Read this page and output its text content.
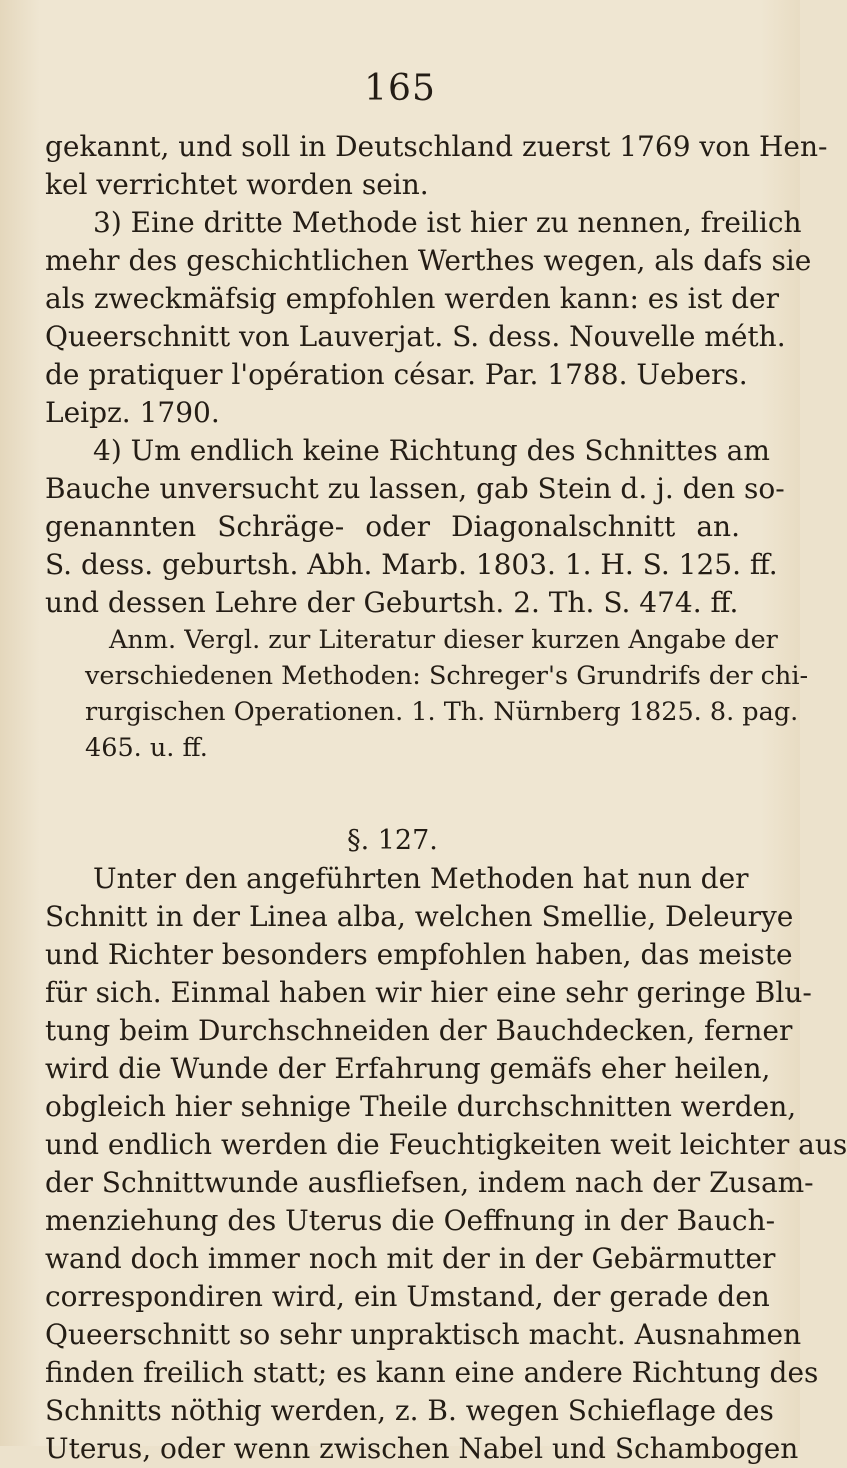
165
gekannt, und soll in Deutschland zuerst 1769 von Hen-
kel verrichtet worden sein.
3) Eine dritte Methode ist hier zu nennen, freilich
mehr des geschichtlichen Werthes wegen, als dafs sie
als zweckmäfsig empfohlen werden kann: es ist der
Queerschnitt von Lauverjat. S. dess. Nouvelle méth.
de pratiquer l'opération césar. Par. 1788. Uebers.
Leipz. 1790.
4) Um endlich keine Richtung des Schnittes am
Bauche unversucht zu lassen, gab Stein d. j. den so-
genannten Schräge- oder Diagonalschnitt an.
S. dess. geburtsh. Abh. Marb. 1803. 1. H. S. 125. ff.
und dessen Lehre der Geburtsh. 2. Th. S. 474. ff.
Anm. Vergl. zur Literatur dieser kurzen Angabe der
verschiedenen Methoden: Schreger's Grundrifs der chi-
rurgischen Operationen. 1. Th. Nürnberg 1825. 8. pag.
465. u. ff.
§. 127.
Unter den angeführten Methoden hat nun der
Schnitt in der Linea alba, welchen Smellie, Deleurye
und Richter besonders empfohlen haben, das meiste
für sich. Einmal haben wir hier eine sehr geringe Blu-
tung beim Durchschneiden der Bauchdecken, ferner
wird die Wunde der Erfahrung gemäfs eher heilen,
obgleich hier sehnige Theile durchschnitten werden,
und endlich werden die Feuchtigkeiten weit leichter aus
der Schnittwunde ausfliefsen, indem nach der Zusam-
menziehung des Uterus die Oeffnung in der Bauch-
wand doch immer noch mit der in der Gebärmutter
correspondiren wird, ein Umstand, der gerade den
Queerschnitt so sehr unpraktisch macht. Ausnahmen
finden freilich statt; es kann eine andere Richtung des
Schnitts nöthig werden, z. B. wegen Schieflage des
Uterus, oder wenn zwischen Nabel und Schambogen
